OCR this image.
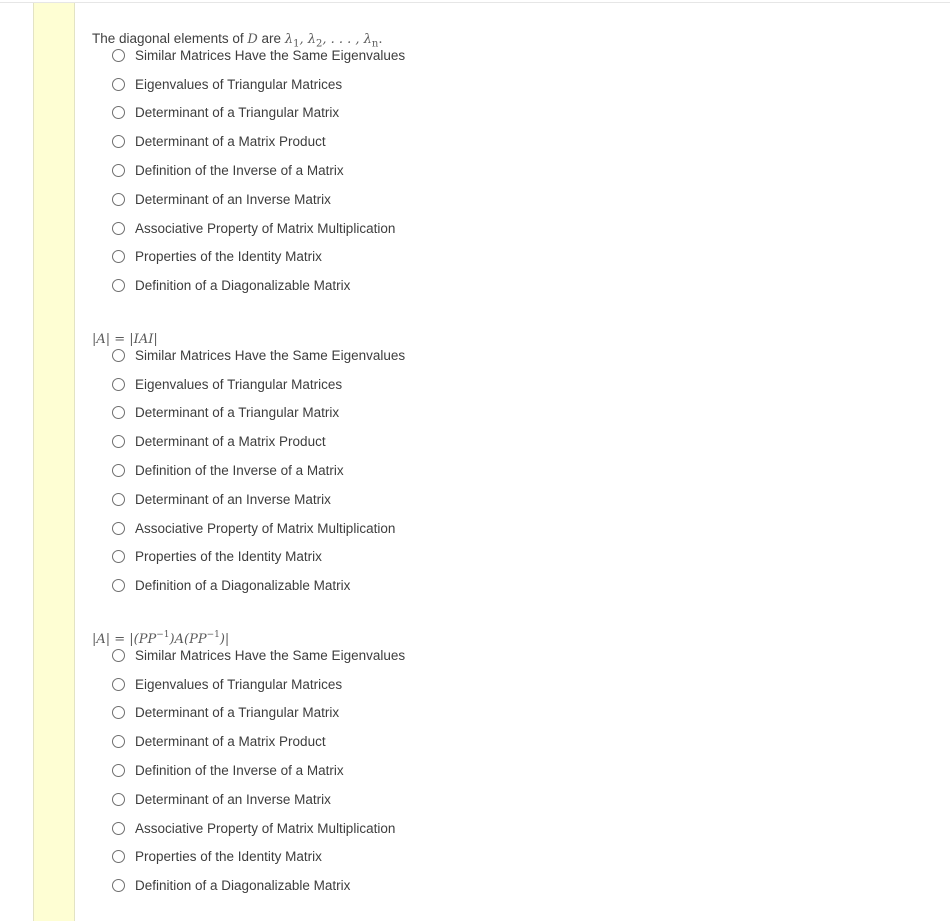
The diagonal elements of D are $\lambda_1$, $\lambda_2$, . . . , $\lambda_n$.
Similar Matrices Have the Same Eigenvalues
Eigenvalues of Triangular Matrices
Determinant of a Triangular Matrix
Determinant of a Matrix Product
Definition of the Inverse of a Matrix
Determinant of an Inverse Matrix
Associative Property of Matrix Multiplication
Properties of the Identity Matrix
Definition of a Diagonalizable Matrix
|A| = |IAI|
Similar Matrices Have the Same Eigenvalues
Eigenvalues of Triangular Matrices
Determinant of a Triangular Matrix
Determinant of a Matrix Product
Definition of the Inverse of a Matrix
Determinant of an Inverse Matrix
Associative Property of Matrix Multiplication
Properties of the Identity Matrix
Definition of a Diagonalizable Matrix
$|A| = |(PP^{-1})A(PP^{-1})|$
Similar Matrices Have the Same Eigenvalues
Eigenvalues of Triangular Matrices
Determinant of a Triangular Matrix
Determinant of a Matrix Product
Definition of the Inverse of a Matrix
Determinant of an Inverse Matrix
Associative Property of Matrix Multiplication
Properties of the Identity Matrix
Definition of a Diagonalizable Matrix
